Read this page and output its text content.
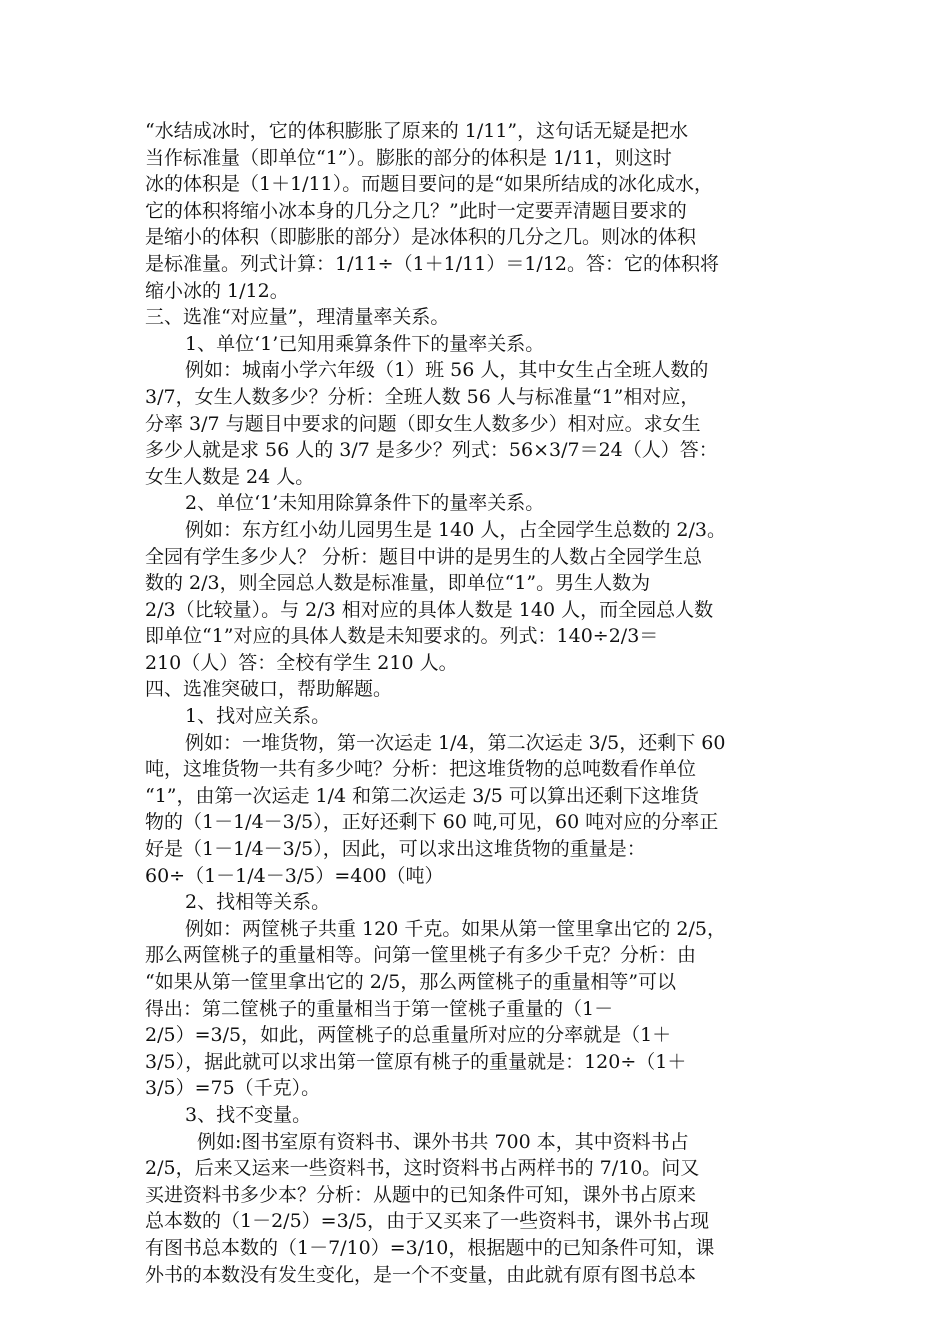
“水结成冰时，它的体积膨胀了原来的 1/11”，这句话无疑是把水
当作标准量（即单位“1”）。膨胀的部分的体积是 1/11，则这时
冰的体积是（1＋1/11）。而题目要问的是“如果所结成的冰化成水，
它的体积将缩小冰本身的几分之几？”此时一定要弄清题目要求的
是缩小的体积（即膨胀的部分）是冰体积的几分之几。则冰的体积
是标准量。列式计算：1/11÷（1＋1/11）＝1/12。答：它的体积将
缩小冰的 1/12。
三、选准“对应量”，理清量率关系。
1、单位‘1’已知用乘算条件下的量率关系。
例如：城南小学六年级（1）班 56 人，其中女生占全班人数的
3/7，女生人数多少？分析：全班人数 56 人与标准量“1”相对应，
分率 3/7 与题目中要求的问题（即女生人数多少）相对应。求女生
多少人就是求 56 人的 3/7 是多少？列式：56×3/7＝24（人）答：
女生人数是 24 人。
2、单位‘1’未知用除算条件下的量率关系。
例如：东方红小幼儿园男生是 140 人，占全园学生总数的 2/3。
全园有学生多少人？ 分析：题目中讲的是男生的人数占全园学生总
数的 2/3，则全园总人数是标准量，即单位“1”。男生人数为
2/3（比较量）。与 2/3 相对应的具体人数是 140 人，而全园总人数
即单位“1”对应的具体人数是未知要求的。列式：140÷2/3＝
210（人）答：全校有学生 210 人。
四、选准突破口，帮助解题。
1、找对应关系。
例如：一堆货物，第一次运走 1/4，第二次运走 3/5，还剩下 60
吨，这堆货物一共有多少吨？分析：把这堆货物的总吨数看作单位
“1”，由第一次运走 1/4 和第二次运走 3/5 可以算出还剩下这堆货
物的（1－1/4－3/5），正好还剩下 60 吨,可见，60 吨对应的分率正
好是（1－1/4－3/5），因此，可以求出这堆货物的重量是：
60÷（1－1/4－3/5）=400（吨）
2、找相等关系。
例如：两筐桃子共重 120 千克。如果从第一筐里拿出它的 2/5，
那么两筐桃子的重量相等。问第一筐里桃子有多少千克？分析：由
“如果从第一筐里拿出它的 2/5，那么两筐桃子的重量相等”可以
得出：第二筐桃子的重量相当于第一筐桃子重量的（1－
2/5）=3/5，如此，两筐桃子的总重量所对应的分率就是（1＋
3/5），据此就可以求出第一筐原有桃子的重量就是：120÷（1＋
3/5）=75（千克）。
3、找不变量。
例如:图书室原有资料书、课外书共 700 本，其中资料书占
2/5，后来又运来一些资料书，这时资料书占两样书的 7/10。问又
买进资料书多少本？分析：从题中的已知条件可知，课外书占原来
总本数的（1－2/5）=3/5，由于又买来了一些资料书，课外书占现
有图书总本数的（1－7/10）=3/10，根据题中的已知条件可知，课
外书的本数没有发生变化，是一个不变量，由此就有原有图书总本
